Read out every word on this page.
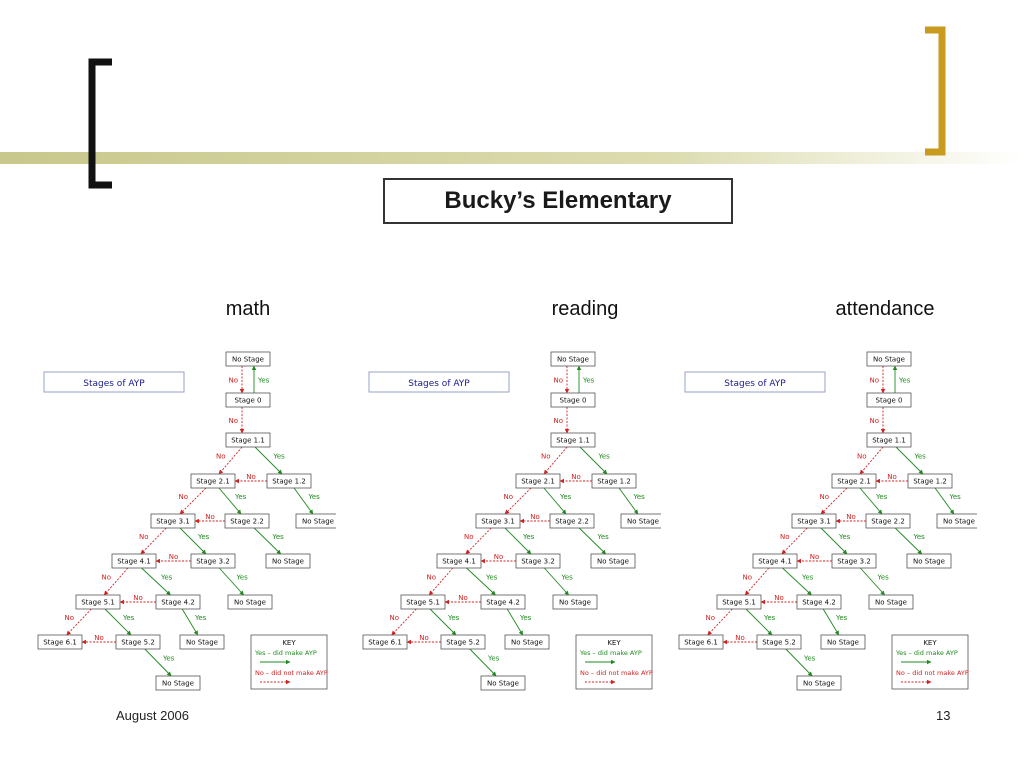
Bucky’s Elementary
math	reading	attendance
Stages of AYP	No	Yes
No
No	Yes
No
Yes
No	Yes
No
Yes
No	Yes
No
Yes
No	Yes
No
Yes
No	Yes
No
Yes
No Stage
Stage 0
Stage 1.1
Stage 2.1	Stage 1.2
Stage 3.1	Stage 2.2	No Stage
Stage 4.1	Stage 3.2	No Stage
Stage 5.1	Stage 4.2	No Stage
Stage 6.1	Stage 5.2	No Stage
No Stage
KEY
Yes – did make AYP
No – did not make AYP
Stages of AYP	No	Yes
No
No	Yes
No
Yes
No	Yes
No
Yes
No	Yes
No
Yes
No	Yes
No
Yes
No	Yes
No
Yes
No Stage
Stage 0
Stage 1.1
Stage 2.1	Stage 1.2
Stage 3.1	Stage 2.2	No Stage
Stage 4.1	Stage 3.2	No Stage
Stage 5.1	Stage 4.2	No Stage
Stage 6.1	Stage 5.2	No Stage
No Stage
KEY
Yes – did make AYP
No – did not make AYP
Stages of AYP	No	Yes
No
No	Yes
No
Yes
No	Yes
No
Yes
No	Yes
No
Yes
No	Yes
No
Yes
No	Yes
No
Yes
No Stage
Stage 0
Stage 1.1
Stage 2.1	Stage 1.2
Stage 3.1	Stage 2.2	No Stage
Stage 4.1	Stage 3.2	No Stage
Stage 5.1	Stage 4.2	No Stage
Stage 6.1	Stage 5.2	No Stage
No Stage
KEY
Yes – did make AYP
No – did not make AYP
August 2006	13
